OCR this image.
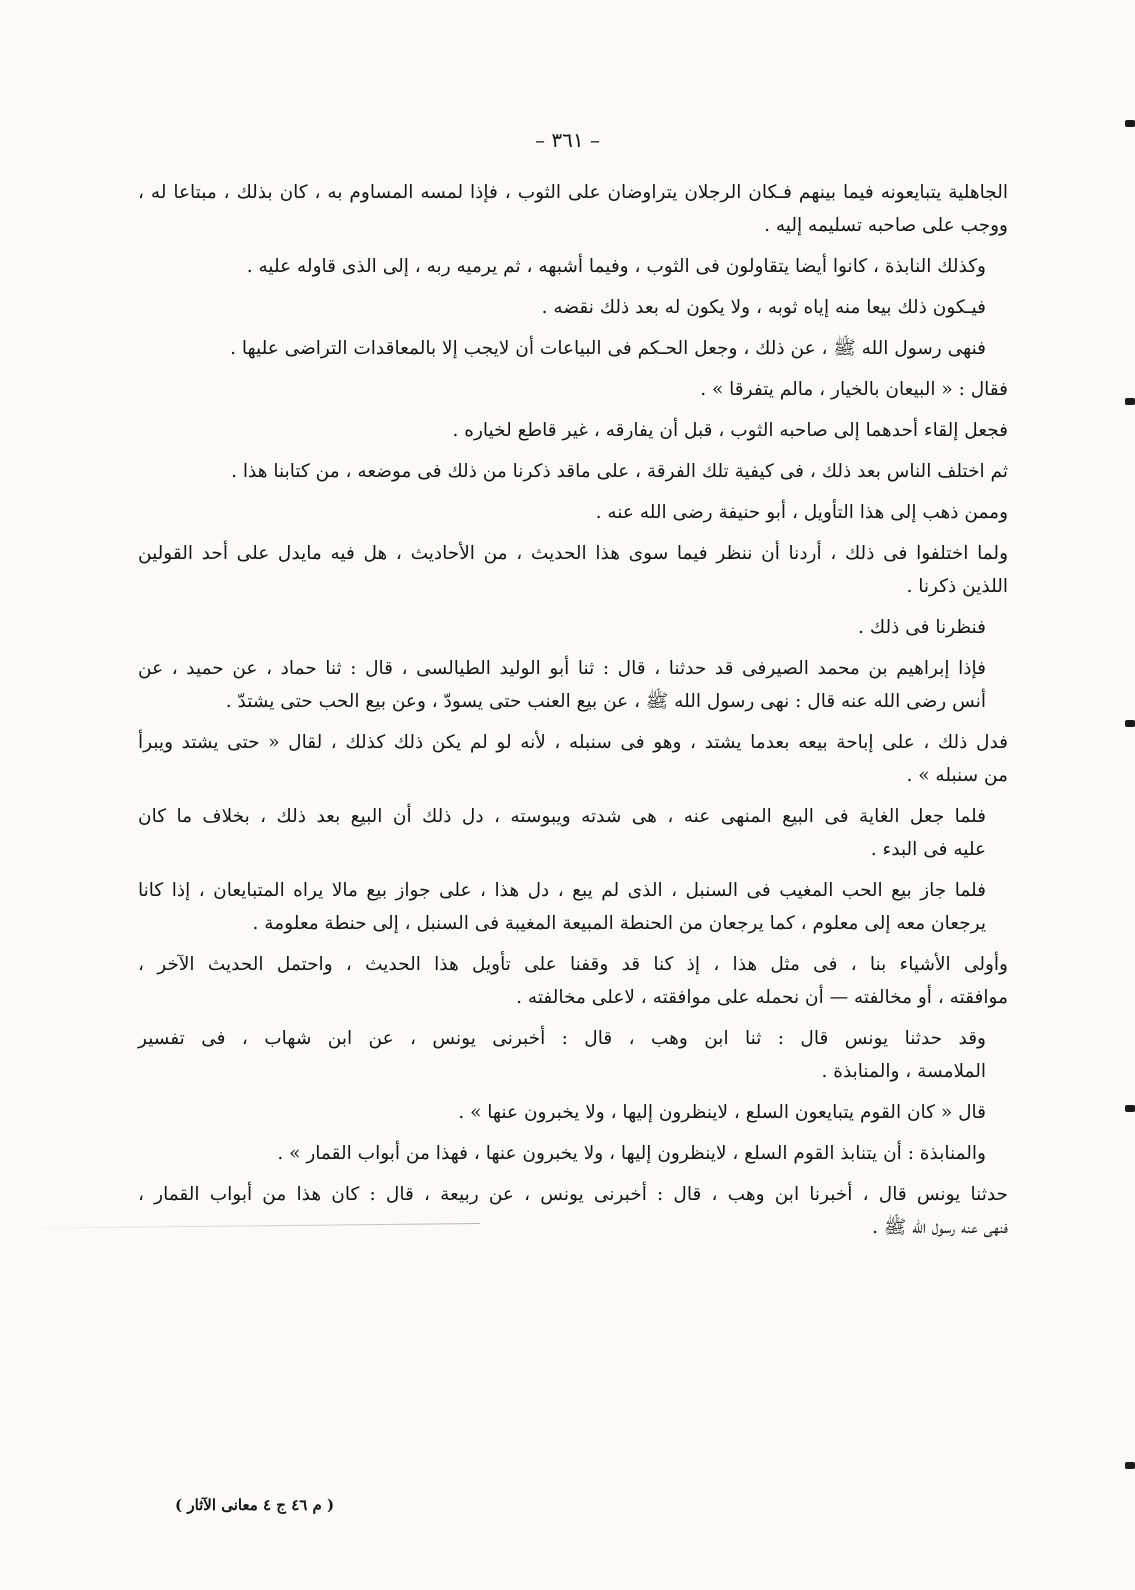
– ٣٦١ –

الجاهلية يتبايعونه فيما بينهم فـكان الرجلان يتراوضان على الثوب ، فإذا لمسه المساوم به ، كان بذلك ، مبتاعا له ،
ووجب على صاحبه تسليمه إليه .

وكذلك النابذة ، كانوا أيضا يتقاولون فى الثوب ، وفيما أشبهه ، ثم يرميه ربه ، إلى الذى قاوله عليه .

فيـكون ذلك بيعا منه إياه ثوبه ، ولا يكون له بعد ذلك نقضه .

فنهى رسول الله ﷺ ، عن ذلك ، وجعل الحـكم فى البياعات أن لايجب إلا بالمعاقدات التراضى عليها .

فقال : « البيعان بالخيار ، مالم يتفرقا » .

فجعل إلقاء أحدهما إلى صاحبه الثوب ، قبل أن يفارقه ، غير قاطع لخياره .

ثم اختلف الناس بعد ذلك ، فى كيفية تلك الفرقة ، على ماقد ذكرنا من ذلك فى موضعه ، من كتابنا هذا .

وممن ذهب إلى هذا التأويل ، أبو حنيفة رضى الله عنه .

ولما اختلفوا فى ذلك ، أردنا أن ننظر فيما سوى هذا الحديث ، من الأحاديث ، هل فيه مايدل على أحد القولين
اللذين ذكرنا .

فنظرنا فى ذلك .

فإذا إبراهيم بن محمد الصيرفى قد حدثنا ، قال : ثنا أبو الوليد الطيالسى ، قال : ثنا حماد ، عن حميد ، عن
أنس رضى الله عنه قال : نهى رسول الله ﷺ ، عن بيع العنب حتى يسودّ ، وعن بيع الحب حتى يشتدّ .

فدل ذلك ، على إباحة بيعه بعدما يشتد ، وهو فى سنبله ، لأنه لو لم يكن ذلك كذلك ، لقال « حتى يشتد ويبرأ
من سنبله » .

فلما جعل الغاية فى البيع المنهى عنه ، هى شدته ويبوسته ، دل ذلك أن البيع بعد ذلك ، بخلاف ما كان
عليه فى البدء .

فلما جاز بيع الحب المغيب فى السنبل ، الذى لم يبع ، دل هذا ، على جواز بيع مالا يراه المتبايعان ، إذا كانا
يرجعان معه إلى معلوم ، كما يرجعان من الحنطة المبيعة المغيبة فى السنبل ، إلى حنطة معلومة .

وأولى الأشياء بنا ، فى مثل هذا ، إذ كنا قد وقفنا على تأويل هذا الحديث ، واحتمل الحديث الآخر ،
موافقته ، أو مخالفته — أن نحمله على موافقته ، لاعلى مخالفته .

وقد حدثنا يونس قال : ثنا ابن وهب ، قال : أخبرنى يونس ، عن ابن شهاب ، فى تفسير
الملامسة ، والمنابذة .

قال « كان القوم يتبايعون السلع ، لاينظرون إليها ، ولا يخبرون عنها » .

والمنابذة : أن يتنابذ القوم السلع ، لاينظرون إليها ، ولا يخبرون عنها ، فهذا من أبواب القمار » .

حدثنا يونس قال ، أخبرنا ابن وهب ، قال : أخبرنى يونس ، عن ربيعة ، قال : كان هذا من أبواب القمار ،
فنهى عنه رسول الله ﷺ .

( م ٤٦ ج ٤ معانى الآثار )
